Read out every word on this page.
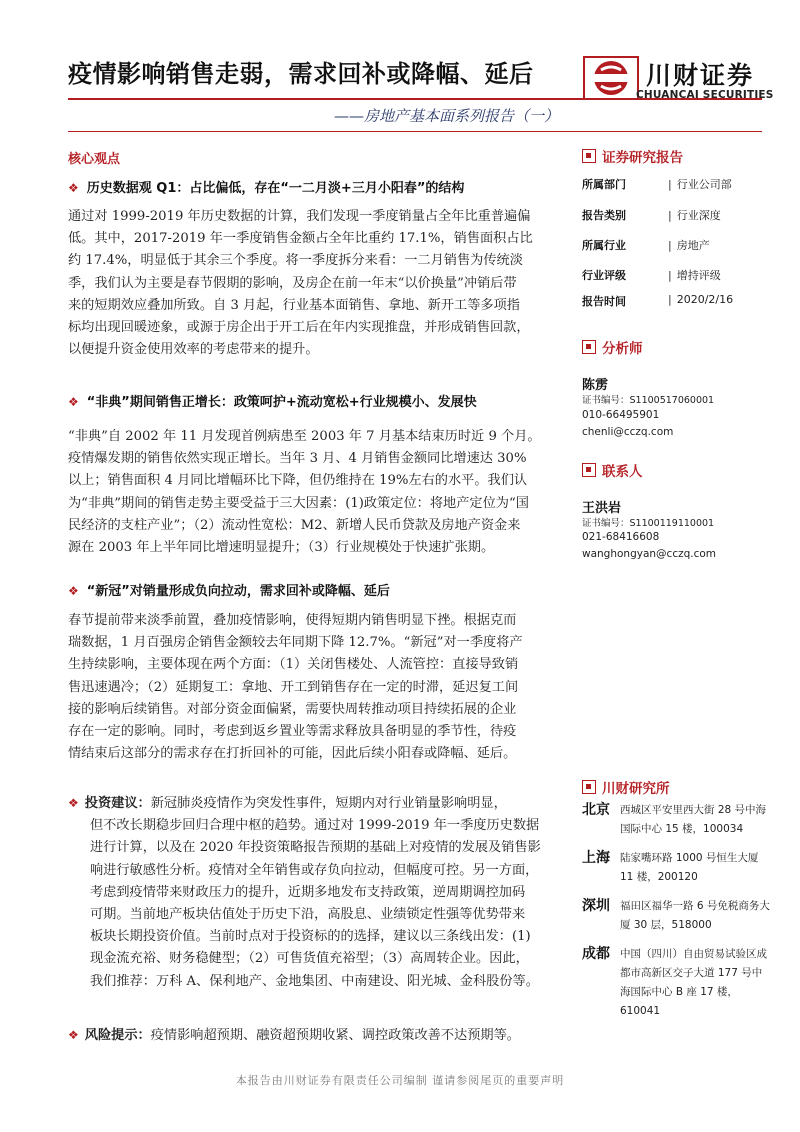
疫情影响销售走弱，需求回补或降幅、延后
——房地产基本面系列报告（一）
川财证券
CHUANCAI SECURITIES
核心观点
❖ 历史数据观 Q1：占比偏低，存在“一二月淡+三月小阳春”的结构
通过对 1999-2019 年历史数据的计算，我们发现一季度销量占全年比重普遍偏
低。其中，2017-2019 年一季度销售金额占全年比重约 17.1%，销售面积占比
约 17.4%，明显低于其余三个季度。将一季度拆分来看：一二月销售为传统淡
季，我们认为主要是春节假期的影响，及房企在前一年末“以价换量”冲销后带
来的短期效应叠加所致。自 3 月起，行业基本面销售、拿地、新开工等多项指
标均出现回暖迹象，或源于房企出于开工后在年内实现推盘，并形成销售回款，
以便提升资金使用效率的考虑带来的提升。
❖ “非典”期间销售正增长：政策呵护+流动宽松+行业规模小、发展快
“非典”自 2002 年 11 月发现首例病患至 2003 年 7 月基本结束历时近 9 个月。
疫情爆发期的销售依然实现正增长。当年 3 月、4 月销售金额同比增速达 30%
以上；销售面积 4 月同比增幅环比下降，但仍维持在 19%左右的水平。我们认
为“非典”期间的销售走势主要受益于三大因素：(1)政策定位：将地产定位为“国
民经济的支柱产业”；（2）流动性宽松：M2、新增人民币贷款及房地产资金来
源在 2003 年上半年同比增速明显提升；（3）行业规模处于快速扩张期。
❖ “新冠”对销量形成负向拉动，需求回补或降幅、延后
春节提前带来淡季前置，叠加疫情影响，使得短期内销售明显下挫。根据克而
瑞数据，1 月百强房企销售金额较去年同期下降 12.7%。“新冠”对一季度将产
生持续影响，主要体现在两个方面：（1）关闭售楼处、人流管控：直接导致销
售迅速遇冷；（2）延期复工：拿地、开工到销售存在一定的时滞，延迟复工间
接的影响后续销售。对部分资金面偏紧，需要快周转推动项目持续拓展的企业
存在一定的影响。同时，考虑到返乡置业等需求释放具备明显的季节性，待疫
情结束后这部分的需求存在打折回补的可能，因此后续小阳春或降幅、延后。
❖ 投资建议：新冠肺炎疫情作为突发性事件，短期内对行业销量影响明显，
但不改长期稳步回归合理中枢的趋势。通过对 1999-2019 年一季度历史数据
进行计算，以及在 2020 年投资策略报告预期的基础上对疫情的发展及销售影
响进行敏感性分析。疫情对全年销售或存负向拉动，但幅度可控。另一方面，
考虑到疫情带来财政压力的提升，近期多地发布支持政策，逆周期调控加码
可期。当前地产板块估值处于历史下沿，高股息、业绩锁定性强等优势带来
板块长期投资价值。当前时点对于投资标的的选择，建议以三条线出发：(1)
现金流充裕、财务稳健型；（2）可售货值充裕型；（3）高周转企业。因此，
我们推荐：万科 A、保利地产、金地集团、中南建设、阳光城、金科股份等。
❖ 风险提示：疫情影响超预期、融资超预期收紧、调控政策改善不达预期等。
证券研究报告
所属部门	| 行业公司部
报告类别	| 行业深度
所属行业	| 房地产
行业评级	| 增持评级
报告时间	| 2020/2/16
分析师
陈雳
证书编号：S1100517060001
010-66495901
chenli@cczq.com
联系人
王洪岩
证书编号：S1100119110001
021-68416608
wanghongyan@cczq.com
川财研究所
北京 西城区平安里西大街 28 号中海国际中心 15 楼，100034
上海 陆家嘴环路 1000 号恒生大厦 11 楼，200120
深圳 福田区福华一路 6 号免税商务大厦 30 层，518000
成都 中国（四川）自由贸易试验区成都市高新区交子大道 177 号中海国际中心 B 座 17 楼，610041
本报告由川财证券有限责任公司编制 谨请参阅尾页的重要声明
